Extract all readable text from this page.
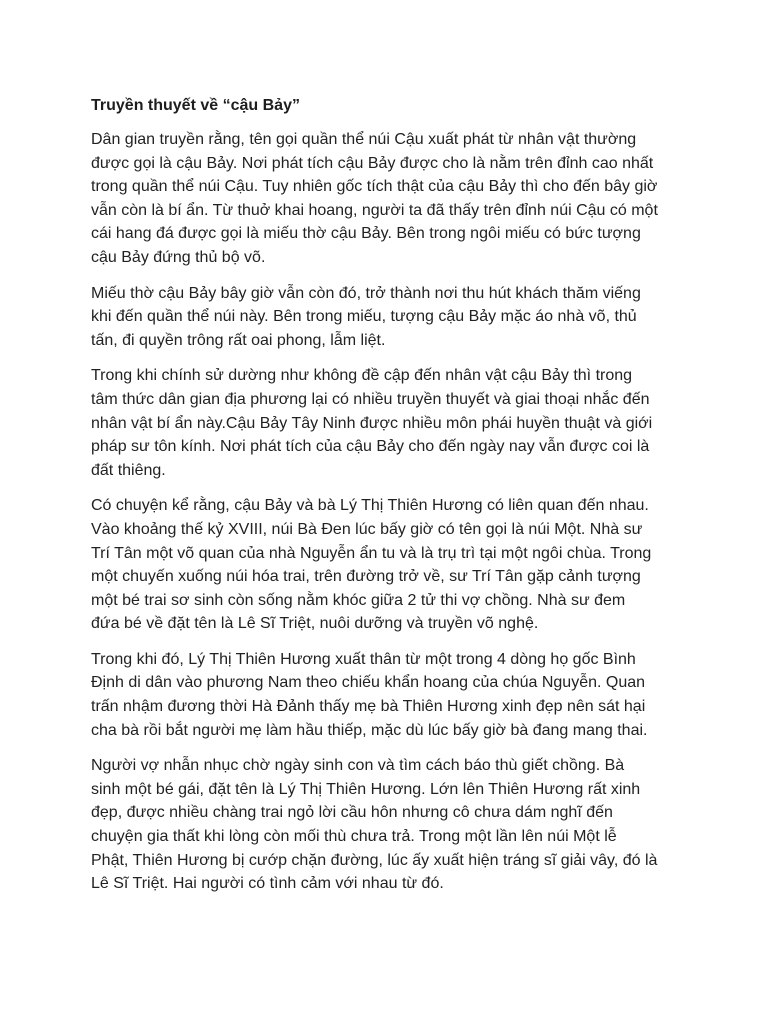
Truyền thuyết về “cậu Bảy”

Dân gian truyền rằng, tên gọi quần thể núi Cậu xuất phát từ nhân vật thường
được gọi là cậu Bảy. Nơi phát tích cậu Bảy được cho là nằm trên đỉnh cao nhất
trong quần thể núi Cậu. Tuy nhiên gốc tích thật của cậu Bảy thì cho đến bây giờ
vẫn còn là bí ẩn. Từ thuở khai hoang, người ta đã thấy trên đỉnh núi Cậu có một
cái hang đá được gọi là miếu thờ cậu Bảy. Bên trong ngôi miếu có bức tượng
cậu Bảy đứng thủ bộ võ.

Miếu thờ cậu Bảy bây giờ vẫn còn đó, trở thành nơi thu hút khách thăm viếng
khi đến quần thể núi này. Bên trong miếu, tượng cậu Bảy mặc áo nhà võ, thủ
tấn, đi quyền trông rất oai phong, lẫm liệt.

Trong khi chính sử dường như không đề cập đến nhân vật cậu Bảy thì trong
tâm thức dân gian địa phương lại có nhiều truyền thuyết và giai thoại nhắc đến
nhân vật bí ẩn này.Cậu Bảy Tây Ninh được nhiều môn phái huyền thuật và giới
pháp sư tôn kính. Nơi phát tích của cậu Bảy cho đến ngày nay vẫn được coi là
đất thiêng.

Có chuyện kể rằng, cậu Bảy và bà Lý Thị Thiên Hương có liên quan đến nhau.
Vào khoảng thế kỷ XVIII, núi Bà Đen lúc bấy giờ có tên gọi là núi Một. Nhà sư
Trí Tân một võ quan của nhà Nguyễn ẩn tu và là trụ trì tại một ngôi chùa. Trong
một chuyến xuống núi hóa trai, trên đường trở về, sư Trí Tân gặp cảnh tượng
một bé trai sơ sinh còn sống nằm khóc giữa 2 tử thi vợ chồng. Nhà sư đem
đứa bé về đặt tên là Lê Sĩ Triệt, nuôi dưỡng và truyền võ nghệ.

Trong khi đó, Lý Thị Thiên Hương xuất thân từ một trong 4 dòng họ gốc Bình
Định di dân vào phương Nam theo chiếu khẩn hoang của chúa Nguyễn. Quan
trấn nhậm đương thời Hà Đảnh thấy mẹ bà Thiên Hương xinh đẹp nên sát hại
cha bà rồi bắt người mẹ làm hầu thiếp, mặc dù lúc bấy giờ bà đang mang thai.

Người vợ nhẫn nhục chờ ngày sinh con và tìm cách báo thù giết chồng. Bà
sinh một bé gái, đặt tên là Lý Thị Thiên Hương. Lớn lên Thiên Hương rất xinh
đẹp, được nhiều chàng trai ngỏ lời cầu hôn nhưng cô chưa dám nghĩ đến
chuyện gia thất khi lòng còn mối thù chưa trả. Trong một lần lên núi Một lễ
Phật, Thiên Hương bị cướp chặn đường, lúc ấy xuất hiện tráng sĩ giải vây, đó là
Lê Sĩ Triệt. Hai người có tình cảm với nhau từ đó.
